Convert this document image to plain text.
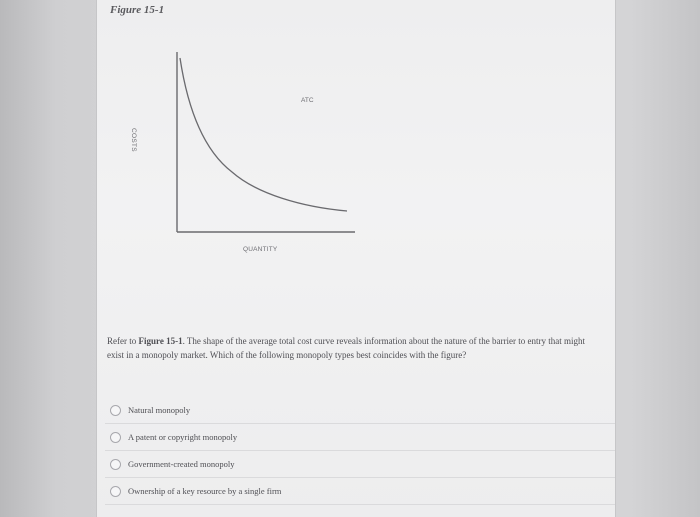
Figure 15-1
COSTS
QUANTITY
ATC
Refer to Figure 15-1. The shape of the average total cost curve reveals information about the nature of the barrier to entry that might exist in a monopoly market. Which of the following monopoly types best coincides with the figure?
Natural monopoly
A patent or copyright monopoly
Government-created monopoly
Ownership of a key resource by a single firm
